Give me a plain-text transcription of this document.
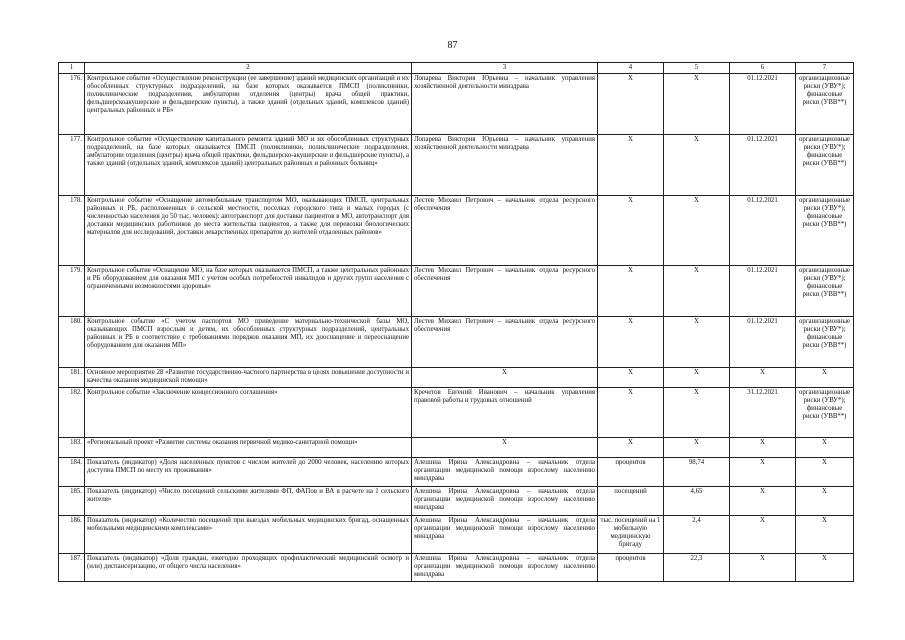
87
1	2	3	4	5	6	7
176.	Контрольное событие «Осуществление реконструкции (ее завершение) зданий медицинских организаций и их обособленных структурных подразделений, на базе которых оказывается ПМСП (поликлиники, поликлинические подразделения, амбулатории отделения (центры) врача общей практики, фельдшерскоакушерские и фельдшерские пункты), а также зданий (отдельных зданий, комплексов зданий) центральных районных и РБ»	Лопарева Виктория Юрьевна – начальник управления хозяйственной деятельности минздрава	X	X	01.12.2021	организационные риски (УВУ*); финансовые риски (УВВ**)
177.	Контрольное событие «Осуществление капитального ремонта зданий МО и их обособленных структурных подразделений, на базе которых оказывается ПМСП (поликлиники, поликлинические подразделения, амбулатории отделения (центры) врача общей практики, фельдшерско-акушерские и фельдшерские пункты), а также зданий (отдельных зданий, комплексов зданий) центральных районных и районных больниц»	Лопарева Виктория Юрьевна – начальник управления хозяйственной деятельности минздрава	X	X	01.12.2021	организационные риски (УВУ*); финансовые риски (УВВ**)
178.	Контрольное событие «Оснащение автомобильным транспортом МО, оказывающих ПМСП, центральных районных и РБ, расположенных в сельской местности, поселках городского типа и малых городах (с численностью населения до 50 тыс. человек): автотранспорт для доставки пациентов в МО, автотранспорт для доставки медицинских работников до места жительства пациентов, а также для перевозки биологических материалов для исследований, доставки лекарственных препаратов до жителей отдаленных районов»	Лестев Михаил Петрович – начальник отдела ресурсного обеспечения	X	X	01.12.2021	организационные риски (УВУ*); финансовые риски (УВВ**)
179.	Контрольное событие «Оснащение МО, на базе которых оказывается ПМСП, а также центральных районных и РБ оборудованием для оказания МП с учетом особых потребностей инвалидов и других групп населения с ограниченными возможностями здоровья»	Лестев Михаил Петрович – начальник отдела ресурсного обеспечения	X	X	01.12.2021	организационные риски (УВУ*); финансовые риски (УВВ**)
180.	Контрольное событие «С учетом паспортов МО приведение материально-технической базы МО, оказывающих ПМСП взрослым и детям, их обособленных структурных подразделений, центральных районных и РБ в соответствие с требованиями порядков оказания МП, их дооснащение и переоснащение оборудованием для оказания МП»	Лестев Михаил Петрович – начальник отдела ресурсного обеспечения	X	X	01.12.2021	организационные риски (УВУ*); финансовые риски (УВВ**)
181.	Основное мероприятие 28 «Развитие государственно-частного партнерства в целях повышения доступности и качества оказания медицинской помощи»	X	X	X	X	X
182.	Контрольное событие «Заключение концессионного соглашения»	Кречетов Евгений Иванович – начальник управления правовой работы и трудовых отношений	X	X	31.12.2021	организационные риски (УВУ*); финансовые риски (УВВ**)
183.	«Региональный проект «Развитие системы оказания первичной медико-санитарной помощи»	X	X	X	X	X
184.	Показатель (индикатор) «Доля населенных пунктов с числом жителей до 2000 человек, населению которых доступна ПМСП по месту их проживания»	Алешина Ирина Александровна – начальник отдела организации медицинской помощи взрослому населению минздрава	процентов	98,74	X	X
185.	Показатель (индикатор) «Число посещений сельскими жителями ФП, ФАПов и ВА в расчете на 1 сельского жителя»	Алешина Ирина Александровна – начальник отдела организации медицинской помощи взрослому населению минздрава	посещений	4,65	X	X
186.	Показатель (индикатор) «Количество посещений при выездах мобильных медицинских бригад, оснащенных мобильными медицинскими комплексами»	Алешина Ирина Александровна – начальник отдела организации медицинской помощи взрослому населению минздрава	тыс. посещений на 1 мобильную медицинскую бригаду	2,4	X	X
187.	Показатель (индикатор) «Доля граждан, ежегодно проходящих профилактический медицинский осмотр и (или) диспансеризацию, от общего числа населения»	Алешина Ирина Александровна – начальник отдела организации медицинской помощи взрослому населению минздрава	процентов	22,3	X	X
